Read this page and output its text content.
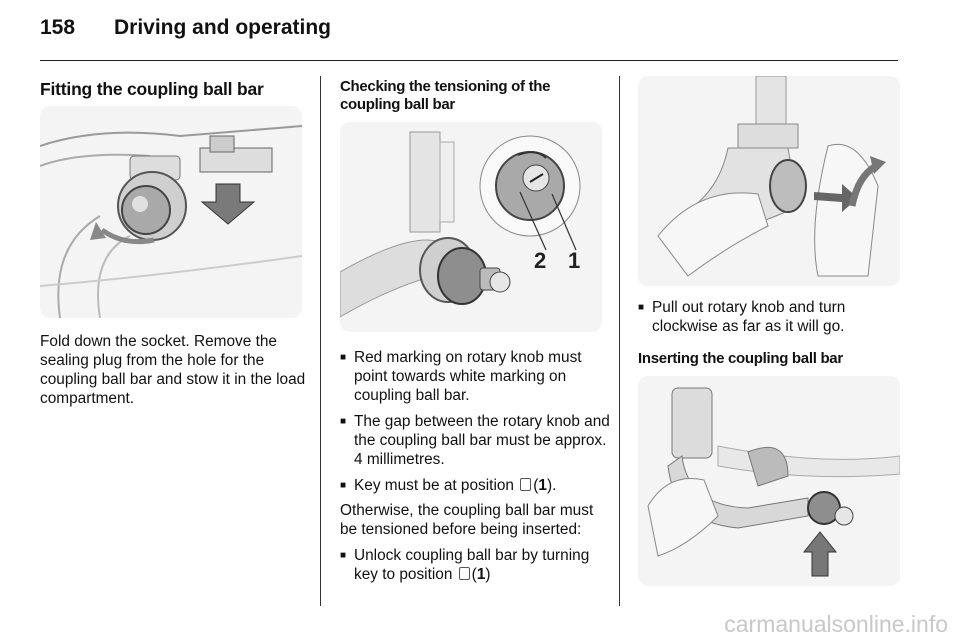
158 Driving and operating
Fitting the coupling ball bar
Fold down the socket. Remove the sealing plug from the hole for the coupling ball bar and stow it in the load compartment.
Checking the tensioning of the coupling ball bar
2 1
■ Red marking on rotary knob must point towards white marking on coupling ball bar.
■ The gap between the rotary knob and the coupling ball bar must be approx. 4 millimetres.
■ Key must be at position (1).
Otherwise, the coupling ball bar must be tensioned before being inserted:
■ Unlock coupling ball bar by turning key to position (1)
■ Pull out rotary knob and turn clockwise as far as it will go.
Inserting the coupling ball bar
carmanualsonline.info
